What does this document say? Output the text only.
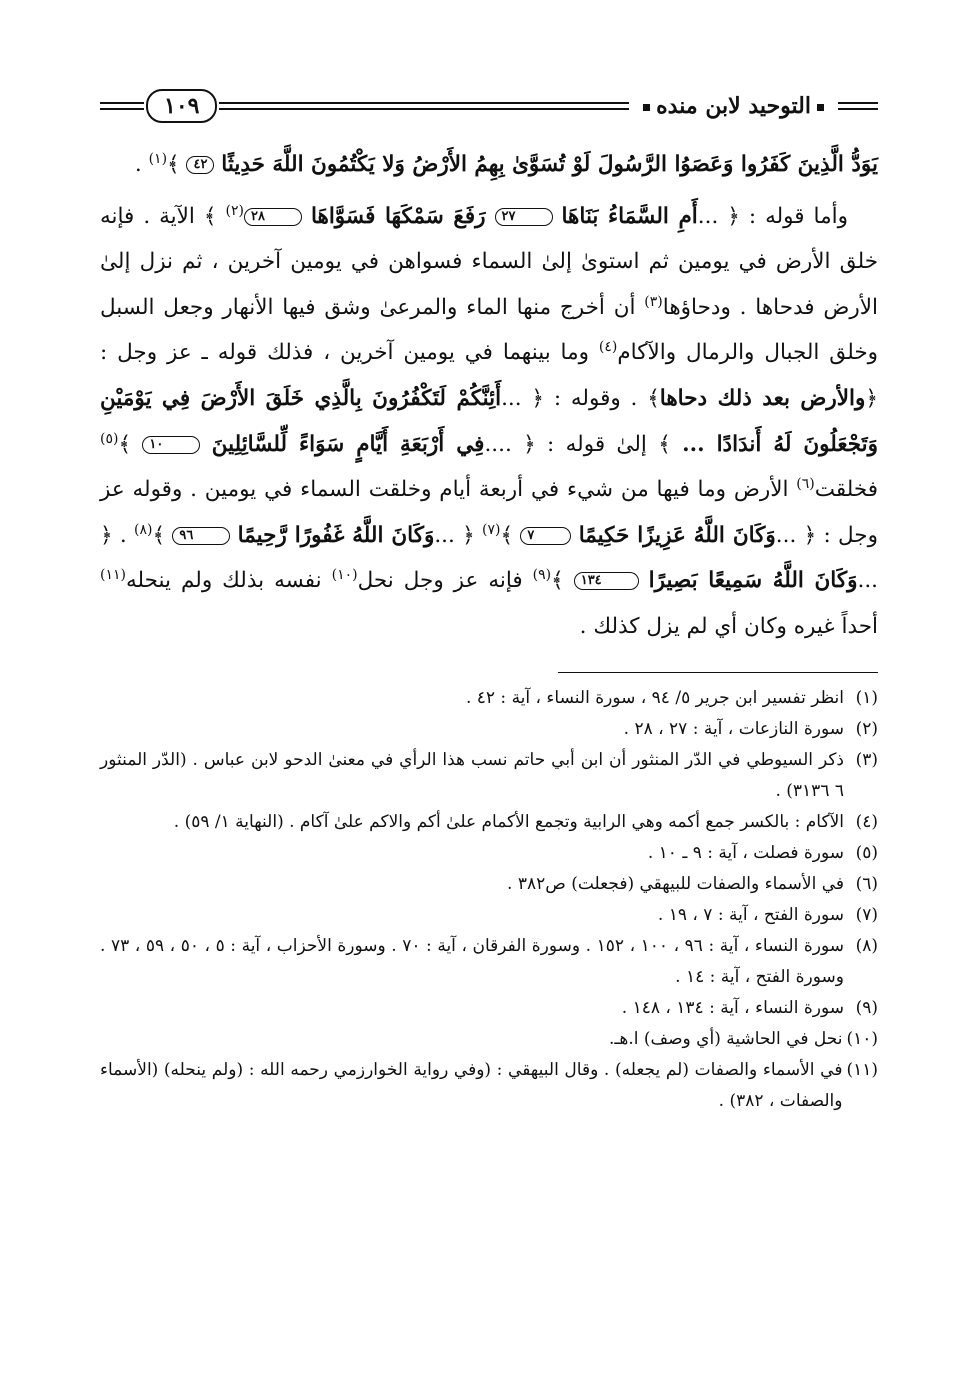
التوحيد لابن منده
١٠٩

يَوَدُّ الَّذِينَ كَفَرُوا وَعَصَوُا الرَّسُولَ لَوْ تُسَوَّىٰ بِهِمُ الأَرْضُ وَلا يَكْتُمُونَ اللَّهَ حَدِيثًا ٤٢ ﴾$^{(١)}$ .

وأما قوله : ﴿ ...أَمِ السَّمَاءُ بَنَاهَا ٢٧ رَفَعَ سَمْكَهَا فَسَوَّاهَا ٢٨$^{(٢)}$ ﴾ الآية . فإنه خلق الأرض في يومين ثم استوىٰ إلىٰ السماء فسواهن في يومين آخرين ، ثم نزل إلىٰ الأرض فدحاها . ودحاؤها$^{(٣)}$ أن أخرج منها الماء والمرعىٰ وشق فيها الأنهار وجعل السبل وخلق الجبال والرمال والآكام$^{(٤)}$ وما بينهما في يومين آخرين ، فذلك قوله ـ عز وجل : ﴿والأرض بعد ذلك دحاها﴾ . وقوله : ﴿ ...أَئِنَّكُمْ لَتَكْفُرُونَ بِالَّذِي خَلَقَ الأَرْضَ فِي يَوْمَيْنِ وَتَجْعَلُونَ لَهُ أَندَادًا ... ﴾ إلىٰ قوله : ﴿ ....فِي أَرْبَعَةِ أَيَّامٍ سَوَاءً لِّلسَّائِلِينَ ١٠ ﴾$^{(٥)}$ فخلقت$^{(٦)}$ الأرض وما فيها من شيء في أربعة أيام وخلقت السماء في يومين . وقوله عز وجل : ﴿ ...وَكَانَ اللَّهُ عَزِيزًا حَكِيمًا ٧ ﴾$^{(٧)}$ ﴿ ...وَكَانَ اللَّهُ غَفُورًا رَّحِيمًا ٩٦ ﴾$^{(٨)}$ . ﴿ ...وَكَانَ اللَّهُ سَمِيعًا بَصِيرًا ١٣٤ ﴾$^{(٩)}$ فإنه عز وجل نحل$^{(١٠)}$ نفسه بذلك ولم ينحله$^{(١١)}$ أحداً غيره وكان أي لم يزل كذلك .

(١)
انظر تفسير ابن جرير ٥/ ٩٤ ، سورة النساء ، آية : ٤٢ .
(٢)
سورة النازعات ، آية : ٢٧ ، ٢٨ .
(٣)
ذكر السيوطي في الدّر المنثور أن ابن أبي حاتم نسب هذا الرأي في معنىٰ الدحو لابن عباس . (الدّر المنثور ٦ ٣١٣٦) .
(٤)
الآكام : بالكسر جمع أكمه وهي الرابية وتجمع الأكمام علىٰ أكم والاكم علىٰ آكام . (النهاية ١/ ٥٩) .
(٥)
سورة فصلت ، آية : ٩ ـ ١٠ .
(٦)
في الأسماء والصفات للبيهقي (فجعلت) ص٣٨٢ .
(٧)
سورة الفتح ، آية : ٧ ، ١٩ .
(٨)
سورة النساء ، آية : ٩٦ ، ١٠٠ ، ١٥٢ . وسورة الفرقان ، آية : ٧٠ . وسورة الأحزاب ، آية : ٥ ، ٥٠ ، ٥٩ ، ٧٣ . وسورة الفتح ، آية : ١٤ .
(٩)
سورة النساء ، آية : ١٣٤ ، ١٤٨ .
(١٠)
نحل في الحاشية (أي وصف) ا.هـ.
(١١)
في الأسماء والصفات (لم يجعله) . وقال البيهقي : (وفي رواية الخوارزمي رحمه الله : (ولم ينحله) (الأسماء والصفات ، ٣٨٢) .
